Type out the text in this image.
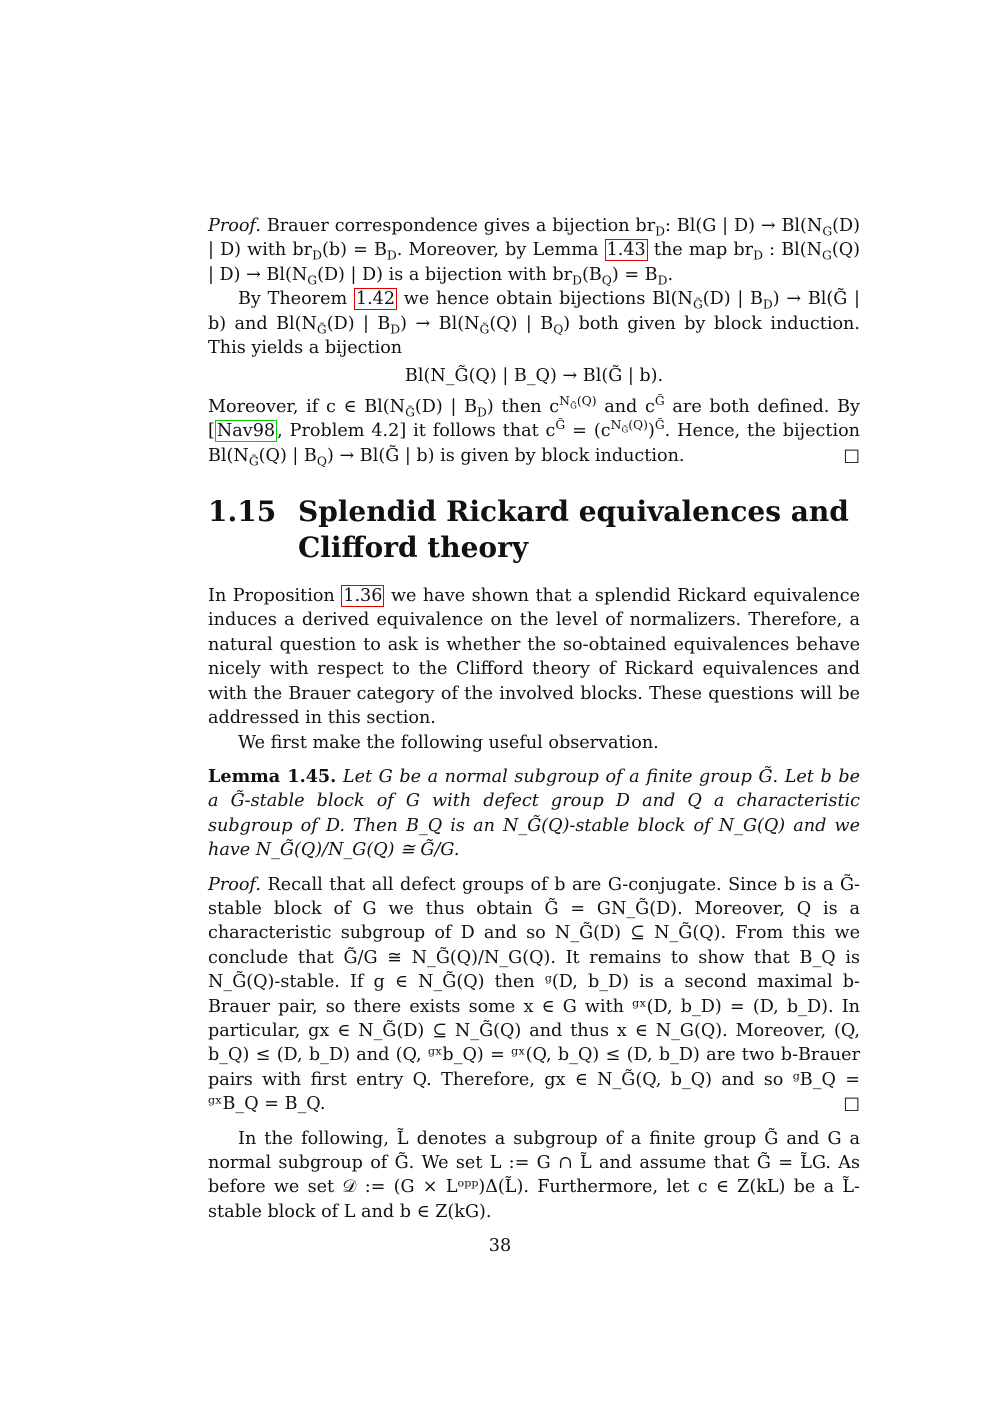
Proof. Brauer correspondence gives a bijection $br_D$: Bl(G | $D) \to Bl(N_G(D)$ | D) with $br_D(b) = B_D$. Moreover, by Lemma 1.43 the map $br_D$ : $Bl(N_G(Q)$ | $D) \to Bl(N_G(D)$ | D) is a bijection with $br_D(B_Q) = B_D$.

By Theorem 1.42 we hence obtain bijections $Bl(N_{G̃}(D)$ | $B_D$) → Bl(G̃ | b) and $Bl(N_{G̃}(D)$ | $B_D) \to Bl(N_{G̃}(Q)$ | $B_Q$) both given by block induction. This yields a bijection

Bl(N_G̃(Q) | B_Q) → Bl(G̃ | b).

Moreover, if c ∈ $Bl(N_{G̃}(D)$ | $B_D$) then $c^{N_{G̃}(Q)}$ and $c^{G̃}$ are both defined. By [ Nav98 , Problem 4.2] it follows that $c^{G̃} = (c^{N_{G̃}(Q)})^{G̃}$. Hence, the bijection $Bl(N_{G̃}(Q)$ | $B_Q$) → Bl(G̃ | b) is given by block induction.	□

1.15 Splendid Rickard equivalences and Clifford theory

In Proposition 1.36 we have shown that a splendid Rickard equivalence induces a derived equivalence on the level of normalizers. Therefore, a natural question to ask is whether the so-obtained equivalences behave nicely with respect to the Clifford theory of Rickard equivalences and with the Brauer category of the involved blocks. These questions will be addressed in this section.

We first make the following useful observation.

Lemma 1.45. Let G be a normal subgroup of a finite group G̃. Let b be a G̃-stable block of G with defect group D and Q a characteristic subgroup of D. Then B_Q is an N_G̃(Q)-stable block of N_G(Q) and we have N_G̃(Q)/N_G(Q) ≅ G̃/G.

Proof. Recall that all defect groups of b are G-conjugate. Since b is a G̃-stable block of G we thus obtain G̃ = GN_G̃(D). Moreover, Q is a characteristic subgroup of D and so N_G̃(D) ⊆ N_G̃(Q). From this we conclude that G̃/G ≅ N_G̃(Q)/N_G(Q). It remains to show that B_Q is N_G̃(Q)-stable. If g ∈ N_G̃(Q) then ᵍ(D, b_D) is a second maximal b-Brauer pair, so there exists some x ∈ G with ᵍˣ(D, b_D) = (D, b_D). In particular, gx ∈ N_G̃(D) ⊆ N_G̃(Q) and thus x ∈ N_G(Q). Moreover, (Q, b_Q) ≤ (D, b_D) and (Q, ᵍˣb_Q) = ᵍˣ(Q, b_Q) ≤ (D, b_D) are two b-Brauer pairs with first entry Q. Therefore, gx ∈ N_G̃(Q, b_Q) and so ᵍB_Q = ᵍˣB_Q = B_Q.	□

In the following, L̃ denotes a subgroup of a finite group G̃ and G a normal subgroup of G̃. We set L := G ∩ L̃ and assume that G̃ = L̃G. As before we set 𝒟 := (G × Lᵒᵖᵖ)Δ(L̃). Furthermore, let c ∈ Z(kL) be a L̃-stable block of L and b ∈ Z(kG).

38
